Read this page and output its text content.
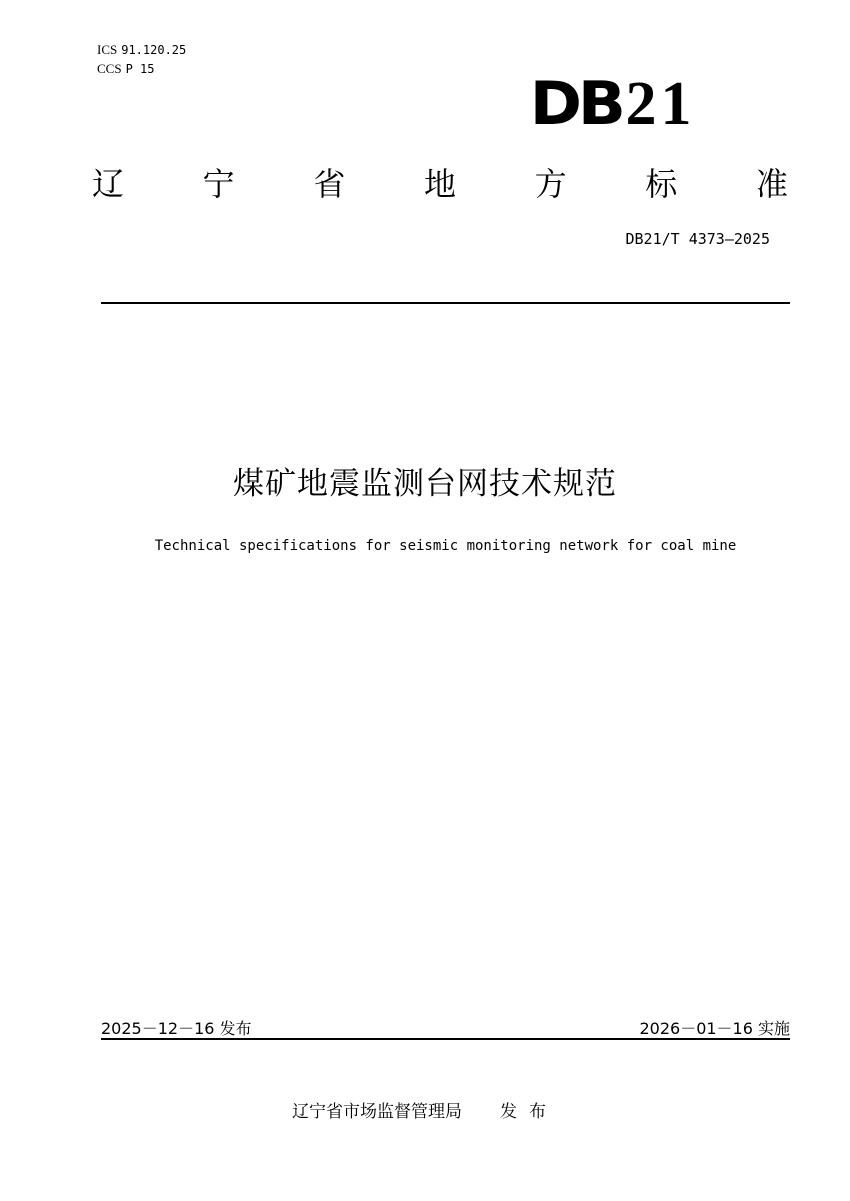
ICS 91.120.25
CCS P 15	DB21
辽 宁 省 地 方 标 准
DB21/T 4373—2025
煤矿地震监测台网技术规范
Technical specifications for seismic monitoring network for coal mine
2025－12－16 发布	2026－01－16 实施
辽宁省市场监督管理局 发布
